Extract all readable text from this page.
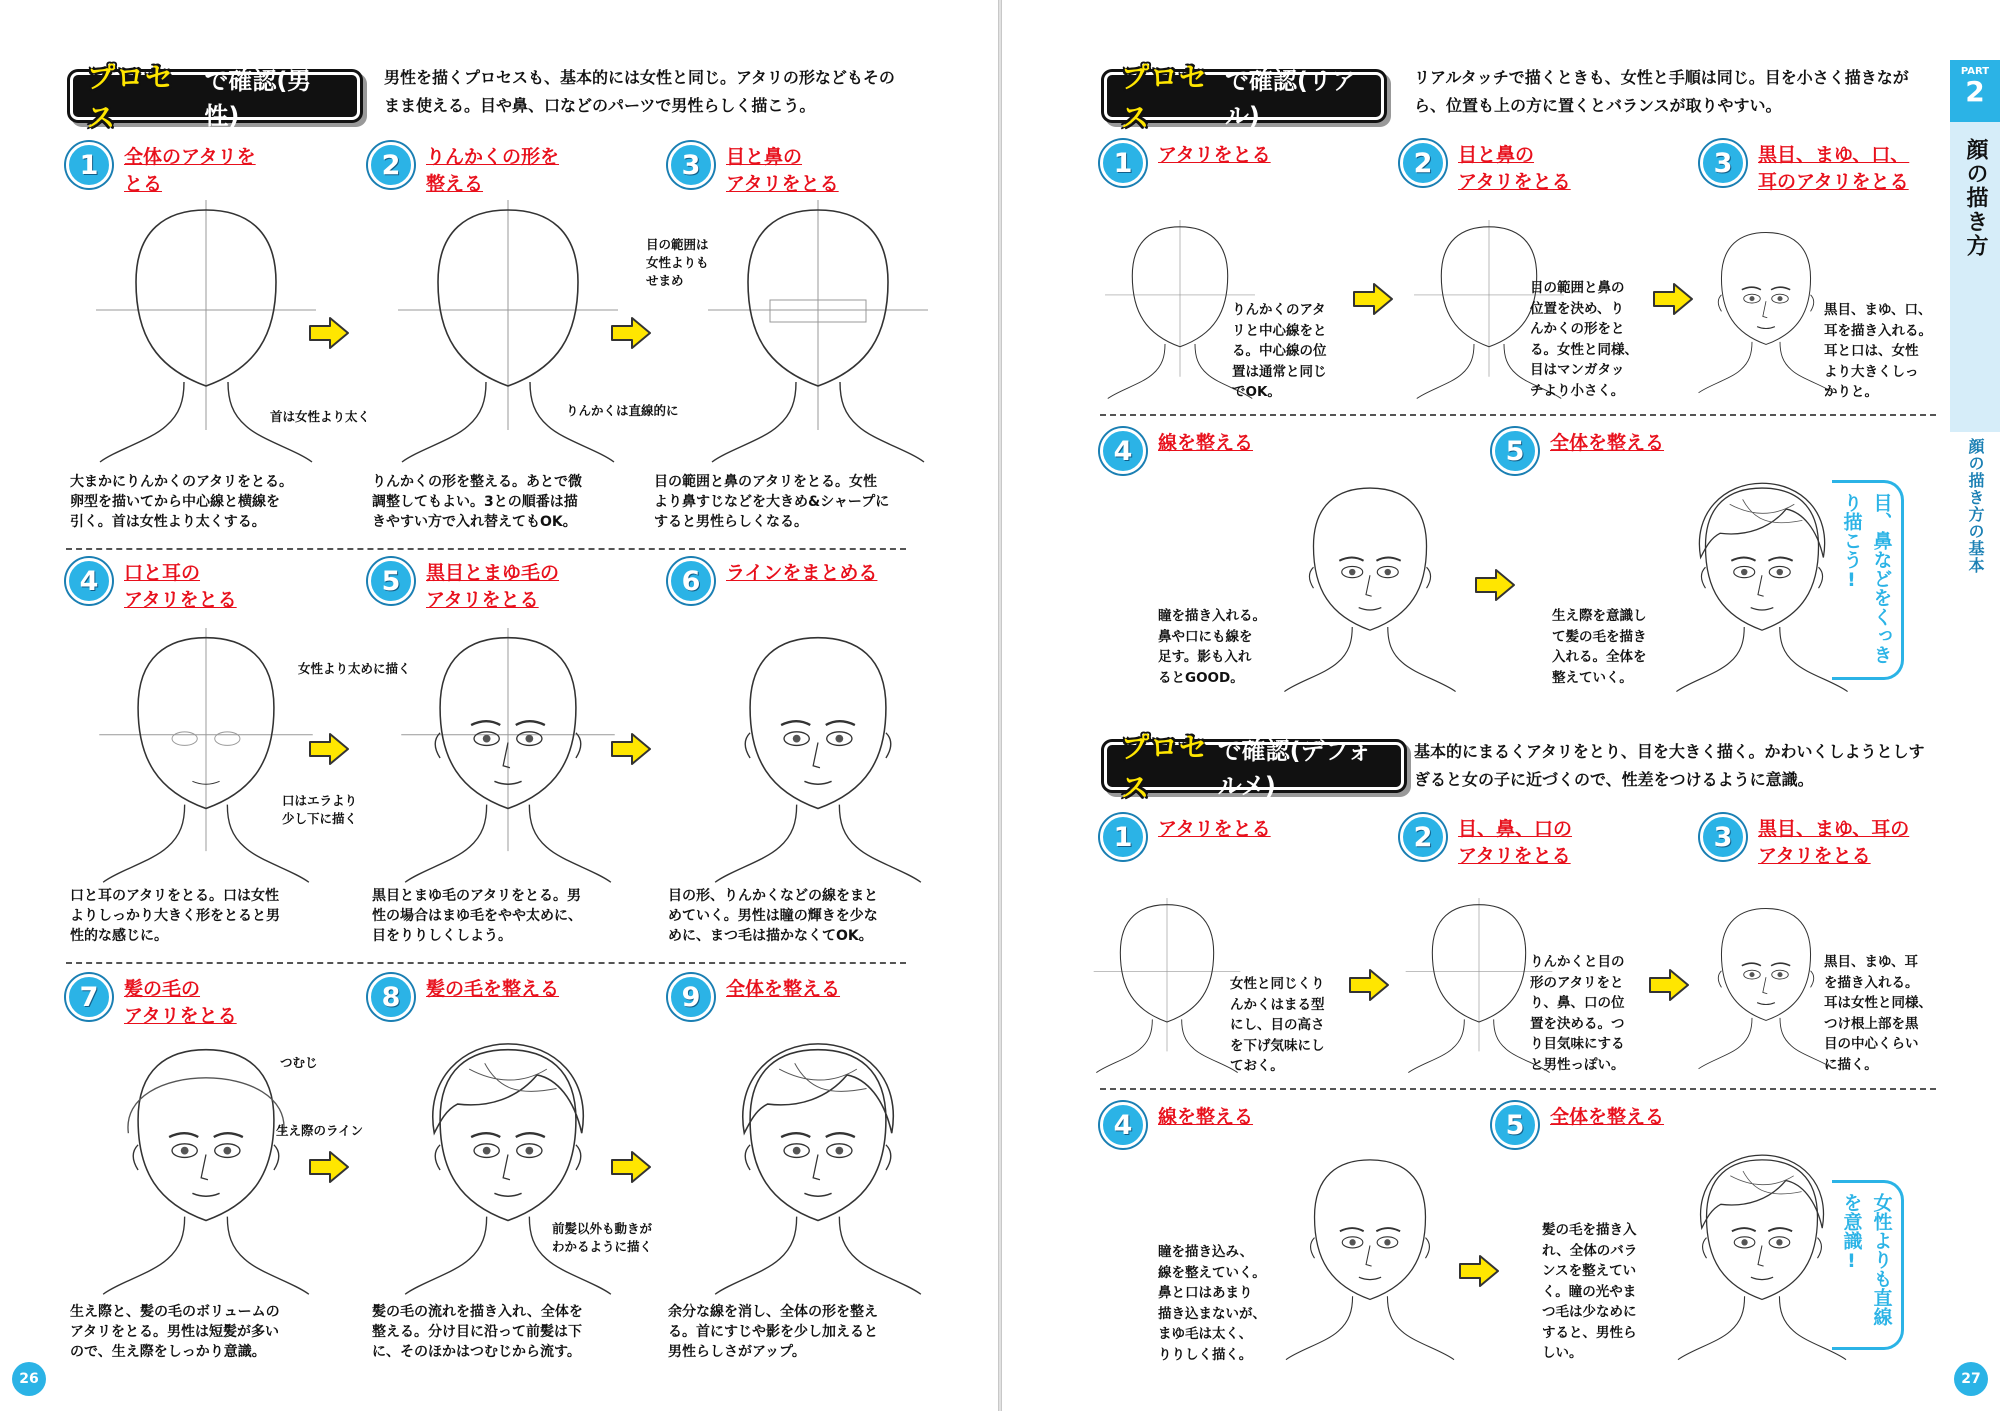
プロセス
で確認(男性)
男性を描くプロセスも、基本的には女性と同じ。アタリの形などもそのまま使える。目や鼻、口などのパーツで男性らしく描こう。
1	全体のアタリを
とる
大まかにりんかくのアタリをとる。
卵型を描いてから中心線と横線を
引く。首は女性より太くする。
首は女性より太く
2	りんかくの形を
整える
りんかくの形を整える。あとで微
調整してもよい。3との順番は描
きやすい方で入れ替えてもOK。
りんかくは直線的に
3	目と鼻の
アタリをとる
目の範囲と鼻のアタリをとる。女性
より鼻すじなどを大きめ&シャープに
すると男性らしくなる。
目の範囲は
女性よりも
せまめ
4	口と耳の
アタリをとる
口と耳のアタリをとる。口は女性
よりしっかり大きく形をとると男
性的な感じに。
口はエラより
少し下に描く
5	黒目とまゆ毛の
アタリをとる
黒目とまゆ毛のアタリをとる。男
性の場合はまゆ毛をやや太めに、
目をりりしくしよう。
女性より太めに描く
6	ラインをまとめる
目の形、りんかくなどの線をまと
めていく。男性は瞳の輝きを少な
めに、まつ毛は描かなくてOK。
7	髪の毛の
アタリをとる
生え際と、髪の毛のボリュームの
アタリをとる。男性は短髪が多い
ので、生え際をしっかり意識。
つむじ
生え際のライン
8	髪の毛を整える
髪の毛の流れを描き入れ、全体を
整える。分け目に沿って前髪は下
に、そのほかはつむじから流す。
前髪以外も動きが
わかるように描く
9	全体を整える
余分な線を消し、全体の形を整え
る。首にすじや影を少し加えると
男性らしさがアップ。
26
PART
2
顔の描き方
顔の描き方の基本
プロセス
で確認(リアル)
リアルタッチで描くときも、女性と手順は同じ。目を小さく描きながら、位置も上の方に置くとバランスが取りやすい。
1	アタリをとる
りんかくのアタ
リと中心線をと
る。中心線の位
置は通常と同じ
でOK。
2	目と鼻の
アタリをとる
目の範囲と鼻の
位置を決め、り
んかくの形をと
る。女性と同様、
目はマンガタッ
チより小さく。
3	黒目、まゆ、口、
耳のアタリをとる
黒目、まゆ、口、
耳を描き入れる。
耳と口は、女性
より大きくしっ
かりと。
4	線を整える
瞳を描き入れる。
鼻や口にも線を
足す。影も入れ
るとGOOD。
5	全体を整える
生え際を意識し
て髪の毛を描き
入れる。全体を
整えていく。
目、鼻などをくっきり描こう!
プロセス
で確認(デフォルメ)
基本的にまるくアタリをとり、目を大きく描く。かわいくしようとしすぎると女の子に近づくので、性差をつけるように意識。
1	アタリをとる
女性と同じくり
んかくはまる型
にし、目の高さ
を下げ気味にし
ておく。
2	目、鼻、口の
アタリをとる
りんかくと目の
形のアタリをと
り、鼻、口の位
置を決める。つ
り目気味にする
と男性っぽい。
3	黒目、まゆ、耳の
アタリをとる
黒目、まゆ、耳
を描き入れる。
耳は女性と同様、
つけ根上部を黒
目の中心くらい
に描く。
4	線を整える
瞳を描き込み、
線を整えていく。
鼻と口はあまり
描き込まないが、
まゆ毛は太く、
りりしく描く。
5	全体を整える
髪の毛を描き入
れ、全体のバラ
ンスを整えてい
く。瞳の光やま
つ毛は少なめに
すると、男性ら
しい。
女性よりも直線を意識!
27
